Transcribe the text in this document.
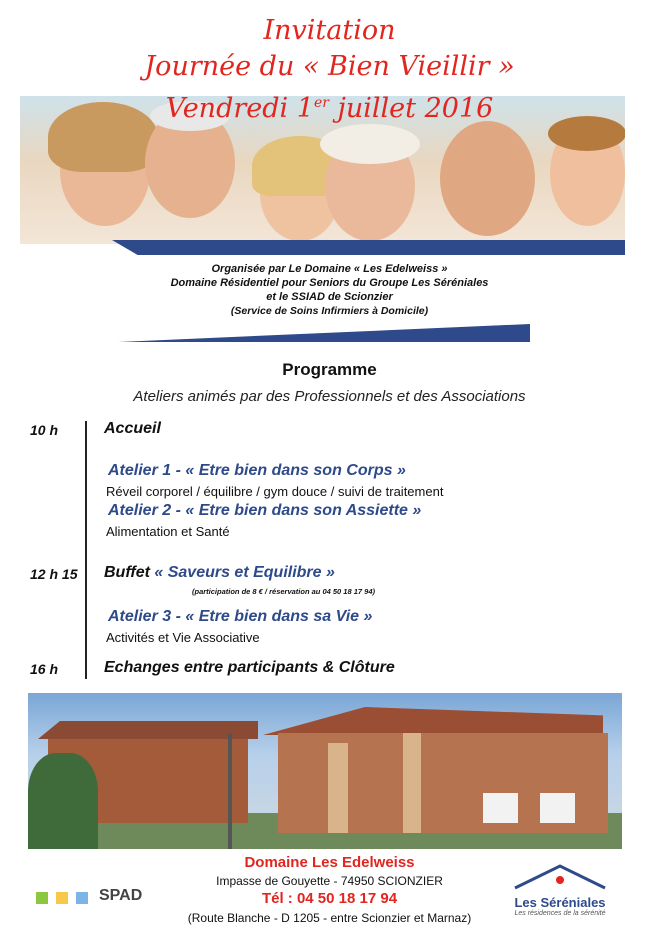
Invitation
Journée du « Bien Vieillir »
Vendredi 1er juillet 2016
Organisée par Le Domaine « Les Edelweiss »
Domaine Résidentiel pour Seniors du Groupe Les Séréniales
et le SSIAD de Scionzier
(Service de Soins Infirmiers à Domicile)
Programme
Ateliers animés par des Professionnels et des Associations
10 h	Accueil
Atelier 1 - « Etre bien dans son Corps »
Réveil corporel / équilibre / gym douce / suivi de traitement
Atelier 2 - « Etre bien dans son Assiette »
Alimentation et Santé
12 h 15 Buffet « Saveurs et Equilibre »
(participation de 8 € / réservation au 04 50 18 17 94)
Atelier 3 - « Etre bien dans sa Vie »
Activités et Vie Associative
16 h	Echanges entre participants & Clôture
Domaine Les Edelweiss
Impasse de Gouyette - 74950 SCIONZIER
Tél : 04 50 18 17 94
(Route Blanche - D 1205 - entre Scionzier et Marnaz)
SPAD	Les Séréniales
Les résidences de la sérénité
